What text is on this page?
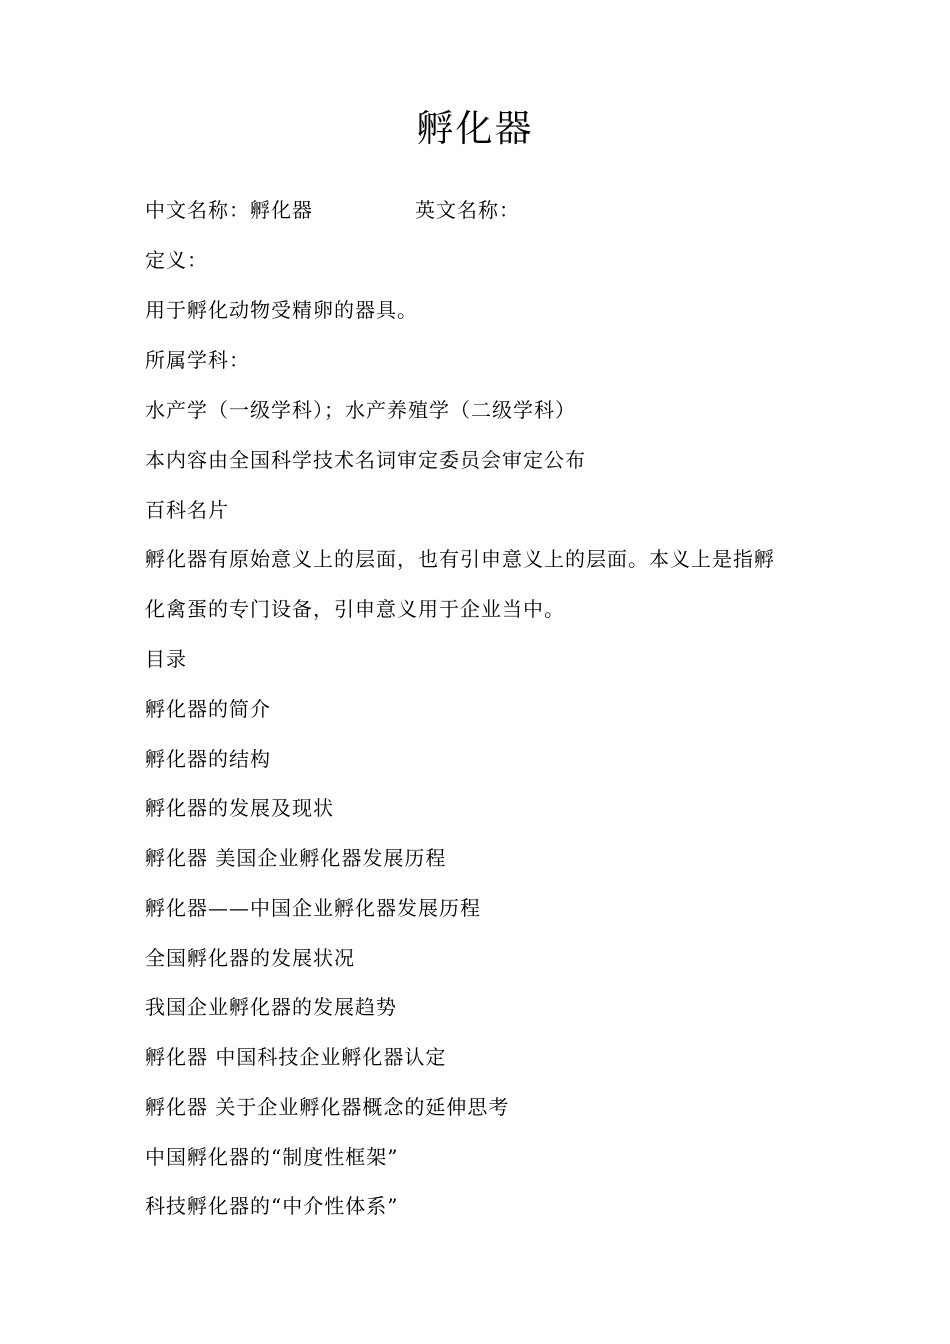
孵化器
中文名称：孵化器	英文名称：
定义：
用于孵化动物受精卵的器具。
所属学科：
水产学（一级学科）；水产养殖学（二级学科）
本内容由全国科学技术名词审定委员会审定公布
百科名片
孵化器有原始意义上的层面，也有引申意义上的层面。本义上是指孵
化禽蛋的专门设备，引申意义用于企业当中。
目录
孵化器的简介
孵化器的结构
孵化器的发展及现状
孵化器 美国企业孵化器发展历程
孵化器——中国企业孵化器发展历程
全国孵化器的发展状况
我国企业孵化器的发展趋势
孵化器 中国科技企业孵化器认定
孵化器 关于企业孵化器概念的延伸思考
中国孵化器的“制度性框架”
科技孵化器的“中介性体系”
